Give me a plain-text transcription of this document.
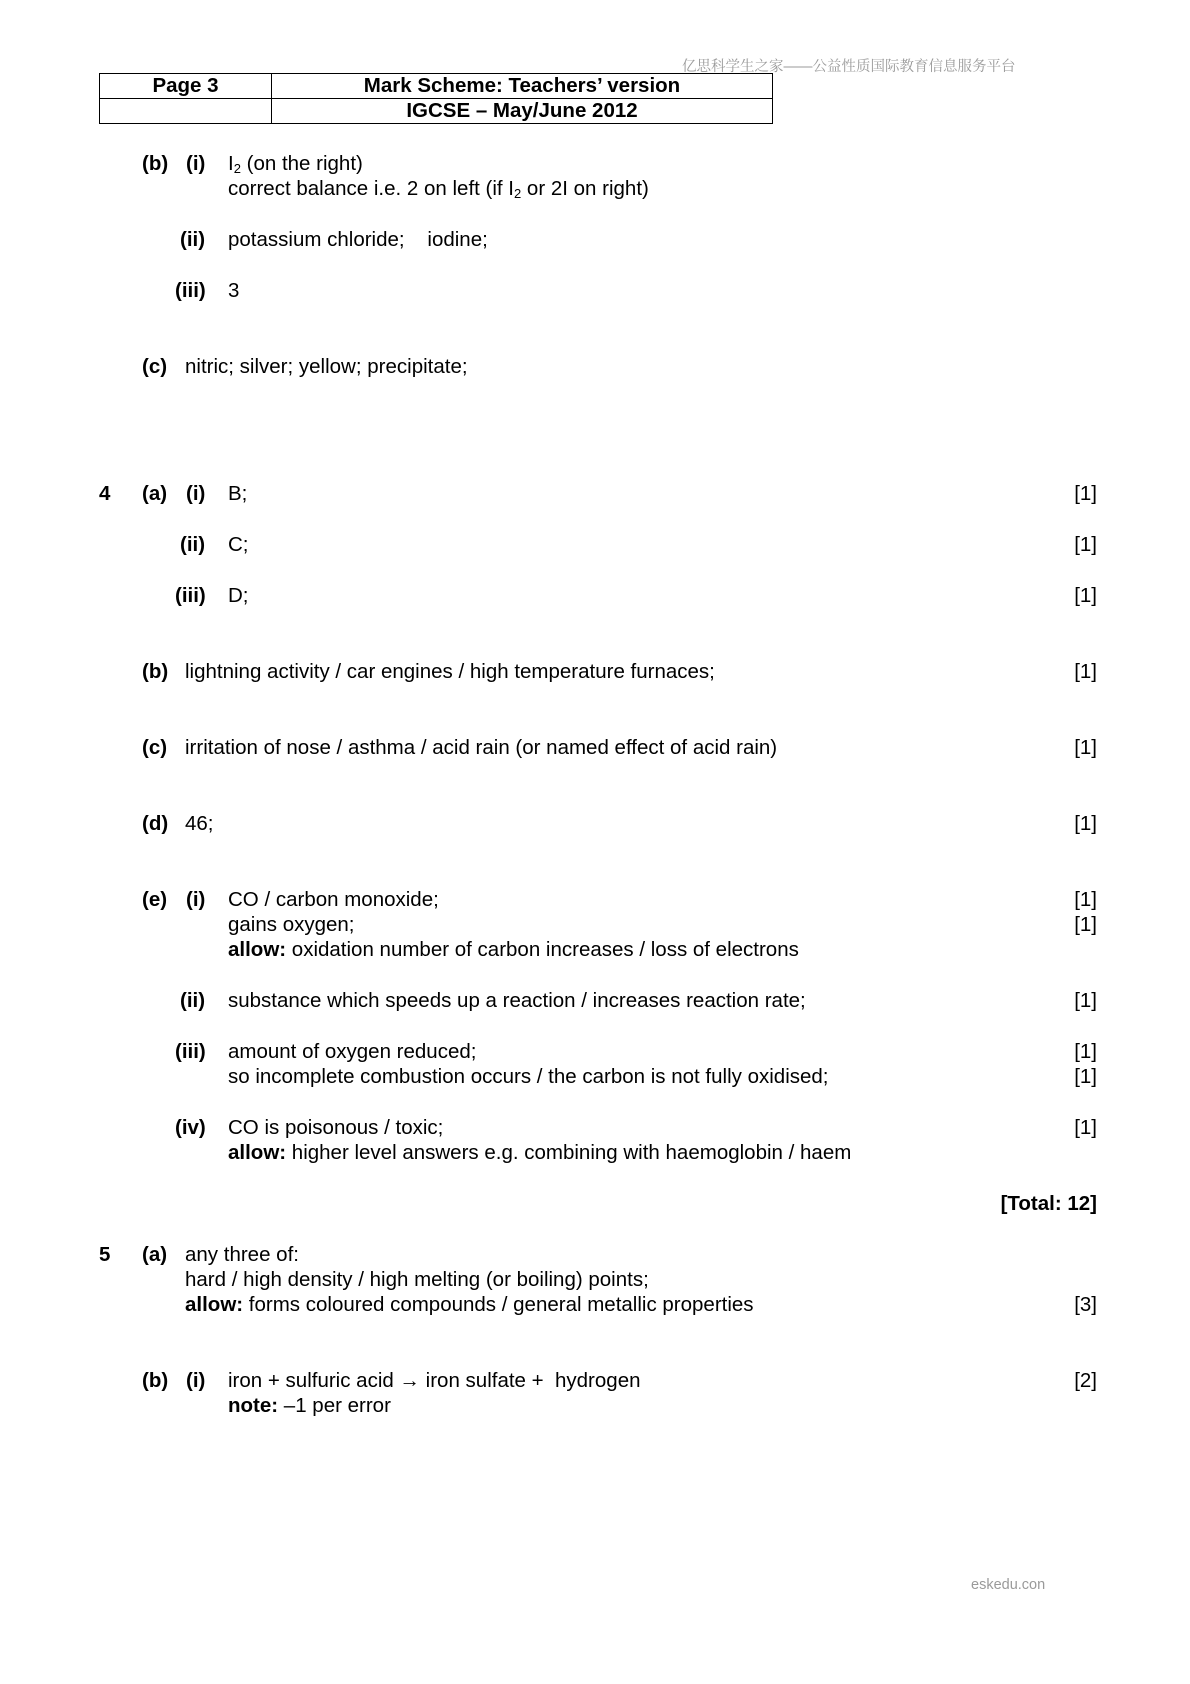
亿思科学生之家——公益性质国际教育信息服务平台
Page 3	Mark Scheme: Teachers’ version
	IGCSE – May/June 2012
(b) (i) $I_2$ (on the right)
correct balance i.e. 2 on left (if $I_2$ or 2I on right)
(ii) potassium chloride;    iodine;
(iii) 3
(c) nitric; silver; yellow; precipitate;
4 (a) (i) B;	[1]
(ii) C;	[1]
(iii) D;	[1]
(b) lightning activity / car engines / high temperature furnaces;	[1]
(c) irritation of nose / asthma / acid rain (or named effect of acid rain)	[1]
(d) 46;	[1]
(e) (i) CO / carbon monoxide;	[1]
gains oxygen;	[1]
allow: oxidation number of carbon increases / loss of electrons
(ii) substance which speeds up a reaction / increases reaction rate;	[1]
(iii) amount of oxygen reduced;	[1]
so incomplete combustion occurs / the carbon is not fully oxidised;	[1]
(iv) CO is poisonous / toxic;	[1]
allow: higher level answers e.g. combining with haemoglobin / haem
[Total: 12]
5 (a) any three of:
hard / high density / high melting (or boiling) points;
allow: forms coloured compounds / general metallic properties	[3]
(b) (i) iron + sulfuric acid → iron sulfate +  hydrogen	[2]
note: –1 per error
eskedu.con
